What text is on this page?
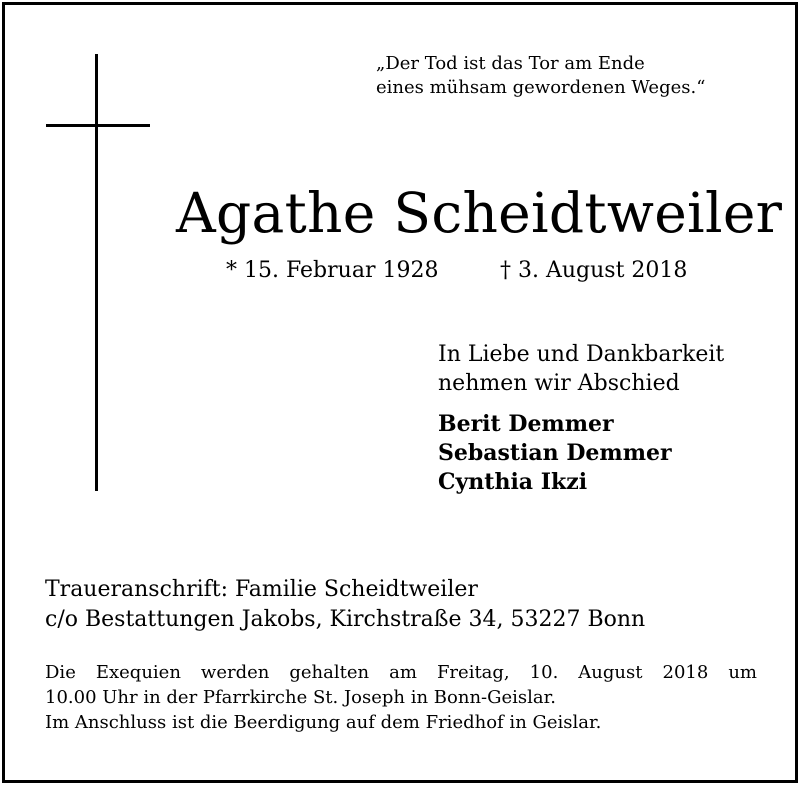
„Der Tod ist das Tor am Ende
eines mühsam gewordenen Weges.“
Agathe Scheidtweiler
* 15. Februar 1928	† 3. August 2018
In Liebe und Dankbarkeit
nehmen wir Abschied
Berit Demmer
Sebastian Demmer
Cynthia Ikzi
Traueranschrift: Familie Scheidtweiler
c/o Bestattungen Jakobs, Kirchstraße 34, 53227 Bonn
Die Exequien werden gehalten am Freitag, 10. August 2018 um
10.00 Uhr in der Pfarrkirche St. Joseph in Bonn-Geislar.
Im Anschluss ist die Beerdigung auf dem Friedhof in Geislar.
